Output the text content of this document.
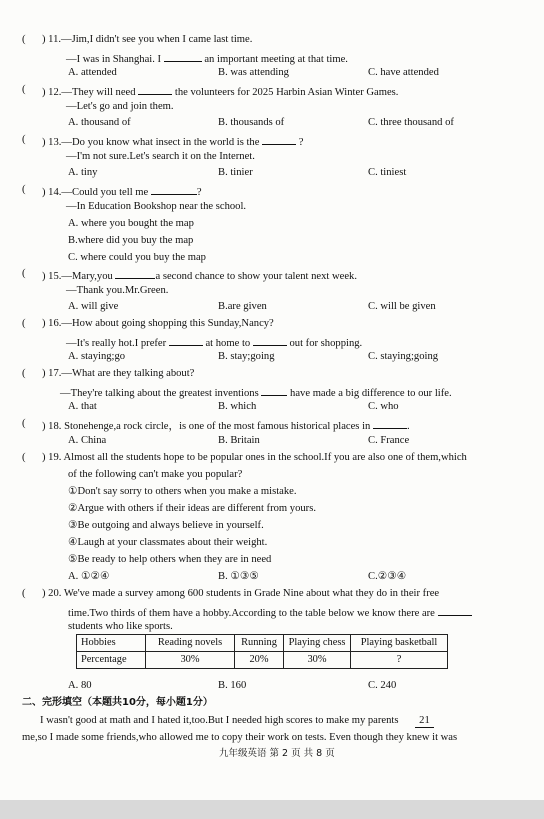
( ) 11.—Jim,I didn't see you when I came last time.
—I was in Shanghai. I	an important meeting at that time.
A. attended	B. was attending	C. have attended
( ) 12.—They will need	the volunteers for 2025 Harbin Asian Winter Games.
—Let's go and join them.
A. thousand of	B. thousands of	C. three thousand of
( ) 13.—Do you know what insect in the world is the	?
—I'm not sure.Let's search it on the Internet.
A. tiny	B. tinier	C. tiniest
( ) 14.—Could you tell me	?
—In Education Bookshop near the school.
A. where you bought the map
B.where did you buy the map
C. where could you buy the map
( ) 15.—Mary,you	a second chance to show your talent next week.
—Thank you.Mr.Green.
A. will give	B.are given	C. will be given
( ) 16.—How about going shopping this Sunday,Nancy?
—It's really hot.I prefer	at home to	out for shopping.
A. staying;go	B. stay;going	C. staying;going
( ) 17.—What are they talking about?
—They're talking about the greatest inventions	have made a big difference to our life.
A. that	B. which	C. who
( ) 18. Stonehenge,a rock circle，is one of the most famous historical places in	.
A. China	B. Britain	C. France
( ) 19. Almost all the students hope to be popular ones in the school.If you are also one of them,which
of the following can't make you popular?
①Don't say sorry to others when you make a mistake.
②Argue with others if their ideas are different from yours.
③Be outgoing and always believe in yourself.
④Laugh at your classmates about their weight.
⑤Be ready to help others when they are in need
A. ①②④	B. ①③⑤	C.②③④
( ) 20. We've made a survey among 600 students in Grade Nine about what they do in their free
time.Two thirds of them have a hobby.According to the table below we know there are
students who like sports.
Hobbies	Reading novels	Running	Playing chess	Playing basketball
Percentage	30%	20%	30%	?
A. 80	B. 160	C. 240
二、完形填空（本题共10分，每小题1分）
I wasn't good at math and I hated it,too.But I needed high scores to make my parents 21
me,so I made some friends,who allowed me to copy their work on tests. Even though they knew it was
九年级英语 第 2 页 共 8 页
